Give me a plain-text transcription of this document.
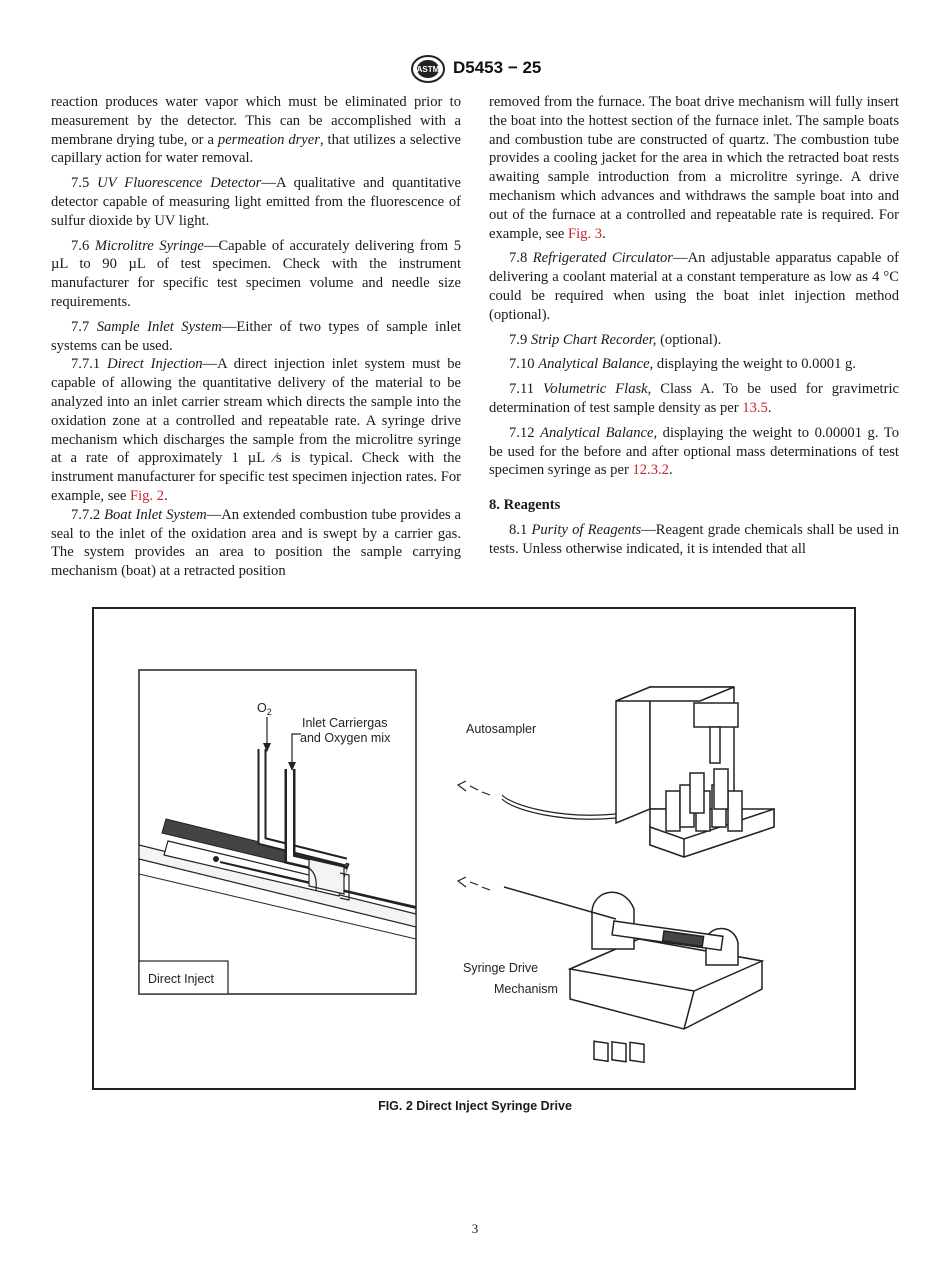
ASTM D5453 − 25

reaction produces water vapor which must be eliminated prior to measurement by the detector. This can be accomplished with a membrane drying tube, or a permeation dryer, that utilizes a selective capillary action for water removal.

7.5 UV Fluorescence Detector—A qualitative and quantitative detector capable of measuring light emitted from the fluorescence of sulfur dioxide by UV light.

7.6 Microlitre Syringe—Capable of accurately delivering from 5 µL to 90 µL of test specimen. Check with the instrument manufacturer for specific test specimen volume and needle size requirements.

7.7 Sample Inlet System—Either of two types of sample inlet systems can be used.

7.7.1 Direct Injection—A direct injection inlet system must be capable of allowing the quantitative delivery of the material to be analyzed into an inlet carrier stream which directs the sample into the oxidation zone at a controlled and repeatable rate. A syringe drive mechanism which discharges the sample from the microlitre syringe at a rate of approximately 1 µL ⁄s is typical. Check with the instrument manufacturer for specific test specimen injection rates. For example, see Fig. 2.

7.7.2 Boat Inlet System—An extended combustion tube provides a seal to the inlet of the oxidation area and is swept by a carrier gas. The system provides an area to position the sample carrying mechanism (boat) at a retracted position

removed from the furnace. The boat drive mechanism will fully insert the boat into the hottest section of the furnace inlet. The sample boats and combustion tube are constructed of quartz. The combustion tube provides a cooling jacket for the area in which the retracted boat rests awaiting sample introduction from a microlitre syringe. A drive mechanism which advances and withdraws the sample boat into and out of the furnace at a controlled and repeatable rate is required. For example, see Fig. 3.

7.8 Refrigerated Circulator—An adjustable apparatus capable of delivering a coolant material at a constant temperature as low as 4 °C could be required when using the boat inlet injection method (optional).

7.9 Strip Chart Recorder, (optional).

7.10 Analytical Balance, displaying the weight to 0.0001 g.

7.11 Volumetric Flask, Class A. To be used for gravimetric determination of test sample density as per 13.5.

7.12 Analytical Balance, displaying the weight to 0.00001 g. To be used for the before and after optional mass determinations of test specimen syringe as per 12.3.2.

8. Reagents

8.1 Purity of Reagents—Reagent grade chemicals shall be used in tests. Unless otherwise indicated, it is intended that all

$O_2$
Inlet Carriergas
and Oxygen mix
Direct Inject
Autosampler
Syringe Drive
Mechanism
FIG. 2 Direct Inject Syringe Drive
3
